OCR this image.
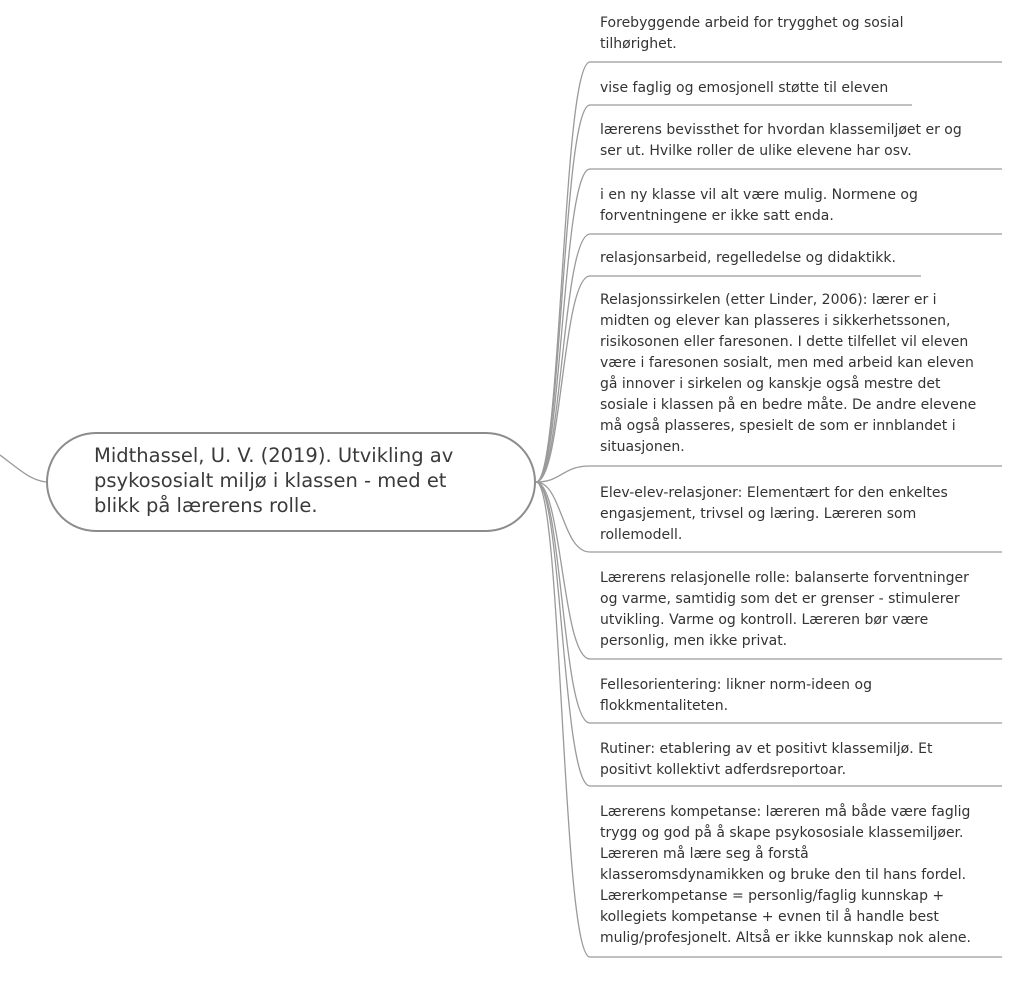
Midthassel, U. V. (2019). Utvikling av psykososialt miljø i klassen - med et blikk på lærerens rolle.

Forebyggende arbeid for trygghet og sosial
tilhørighet.

vise faglig og emosjonell støtte til eleven

lærerens bevissthet for hvordan klassemiljøet er og
ser ut. Hvilke roller de ulike elevene har osv.

i en ny klasse vil alt være mulig. Normene og
forventningene er ikke satt enda.

relasjonsarbeid, regelledelse og didaktikk.

Relasjonssirkelen (etter Linder, 2006): lærer er i
midten og elever kan plasseres i sikkerhetssonen,
risikosonen eller faresonen. I dette tilfellet vil eleven
være i faresonen sosialt, men med arbeid kan eleven
gå innover i sirkelen og kanskje også mestre det
sosiale i klassen på en bedre måte. De andre elevene
må også plasseres, spesielt de som er innblandet i
situasjonen.

Elev-elev-relasjoner: Elementært for den enkeltes
engasjement, trivsel og læring. Læreren som
rollemodell.

Lærerens relasjonelle rolle: balanserte forventninger
og varme, samtidig som det er grenser - stimulerer
utvikling. Varme og kontroll. Læreren bør være
personlig, men ikke privat.

Fellesorientering: likner norm-ideen og
flokkmentaliteten.

Rutiner: etablering av et positivt klassemiljø. Et
positivt kollektivt adferdsreportoar.

Lærerens kompetanse: læreren må både være faglig
trygg og god på å skape psykososiale klassemiljøer.
Læreren må lære seg å forstå
klasseromsdynamikken og bruke den til hans fordel.
Lærerkompetanse = personlig/faglig kunnskap +
kollegiets kompetanse + evnen til å handle best
mulig/profesjonelt. Altså er ikke kunnskap nok alene.
